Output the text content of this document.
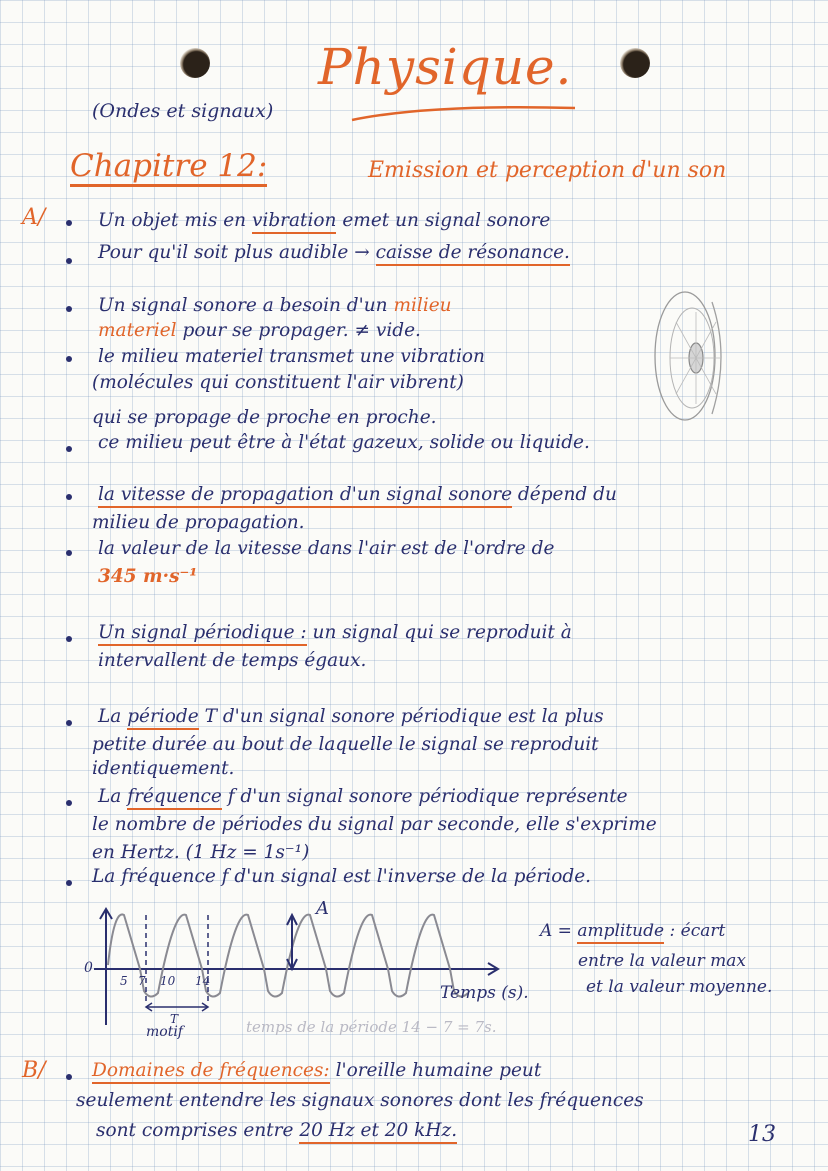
Physique.
(Ondes et signaux)
Chapitre 12:	Emission et perception d'un son
A/	Un objet mis en vibration emet un signal sonore
Pour qu'il soit plus audible → caisse de résonance.
Un signal sonore a besoin d'un milieu
materiel pour se propager. ≠ vide.
le milieu materiel transmet une vibration
(molécules qui constituent l'air vibrent)
qui se propage de proche en proche.
ce milieu peut être à l'état gazeux, solide ou liquide.
la vitesse de propagation d'un signal sonore dépend du
milieu de propagation.
la valeur de la vitesse dans l'air est de l'ordre de
345 m·s⁻¹
Un signal périodique : un signal qui se reproduit à
intervallent de temps égaux.
La période T d'un signal sonore périodique est la plus
petite durée au bout de laquelle le signal se reproduit
identiquement.
La fréquence f d'un signal sonore périodique représente
le nombre de périodes du signal par seconde, elle s'exprime
en Hertz. (1 Hz = 1s⁻¹)
La fréquence f d'un signal est l'inverse de la période.
0
A
5 7 10 14
Temps (s).
T
motif	temps de la période 14 − 7 = 7s.
A = amplitude : écart
entre la valeur max
et la valeur moyenne.
B/	Domaines de fréquences: l'oreille humaine peut
seulement entendre les signaux sonores dont les fréquences
sont comprises entre 20 Hz et 20 kHz.	13
